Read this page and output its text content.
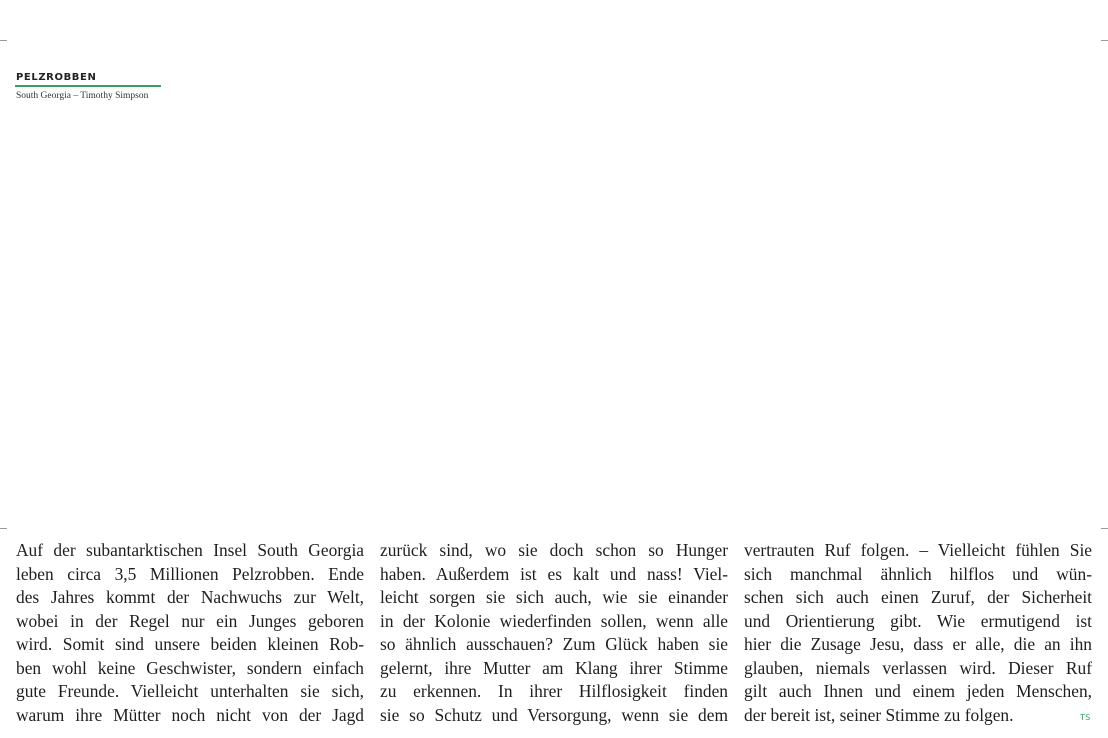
PELZROBBEN
South Georgia – Timothy Simpson
Auf der subantarktischen Insel South Georgia
leben circa 3,5 Millionen Pelzrobben. Ende
des Jahres kommt der Nachwuchs zur Welt,
wobei in der Regel nur ein Junges geboren
wird. Somit sind unsere beiden kleinen Rob-
ben wohl keine Geschwister, sondern einfach
gute Freunde. Vielleicht unterhalten sie sich,
warum ihre Mütter noch nicht von der Jagd
zurück sind, wo sie doch schon so Hunger
haben. Außerdem ist es kalt und nass! Viel-
leicht sorgen sie sich auch, wie sie einander
in der Kolonie wiederfinden sollen, wenn alle
so ähnlich ausschauen? Zum Glück haben sie
gelernt, ihre Mutter am Klang ihrer Stimme
zu erkennen. In ihrer Hilflosigkeit finden
sie so Schutz und Versorgung, wenn sie dem
vertrauten Ruf folgen. – Vielleicht fühlen Sie
sich manchmal ähnlich hilflos und wün-
schen sich auch einen Zuruf, der Sicherheit
und Orientierung gibt. Wie ermutigend ist
hier die Zusage Jesu, dass er alle, die an ihn
glauben, niemals verlassen wird. Dieser Ruf
gilt auch Ihnen und einem jeden Menschen,
der bereit ist, seiner Stimme zu folgen.	TS
